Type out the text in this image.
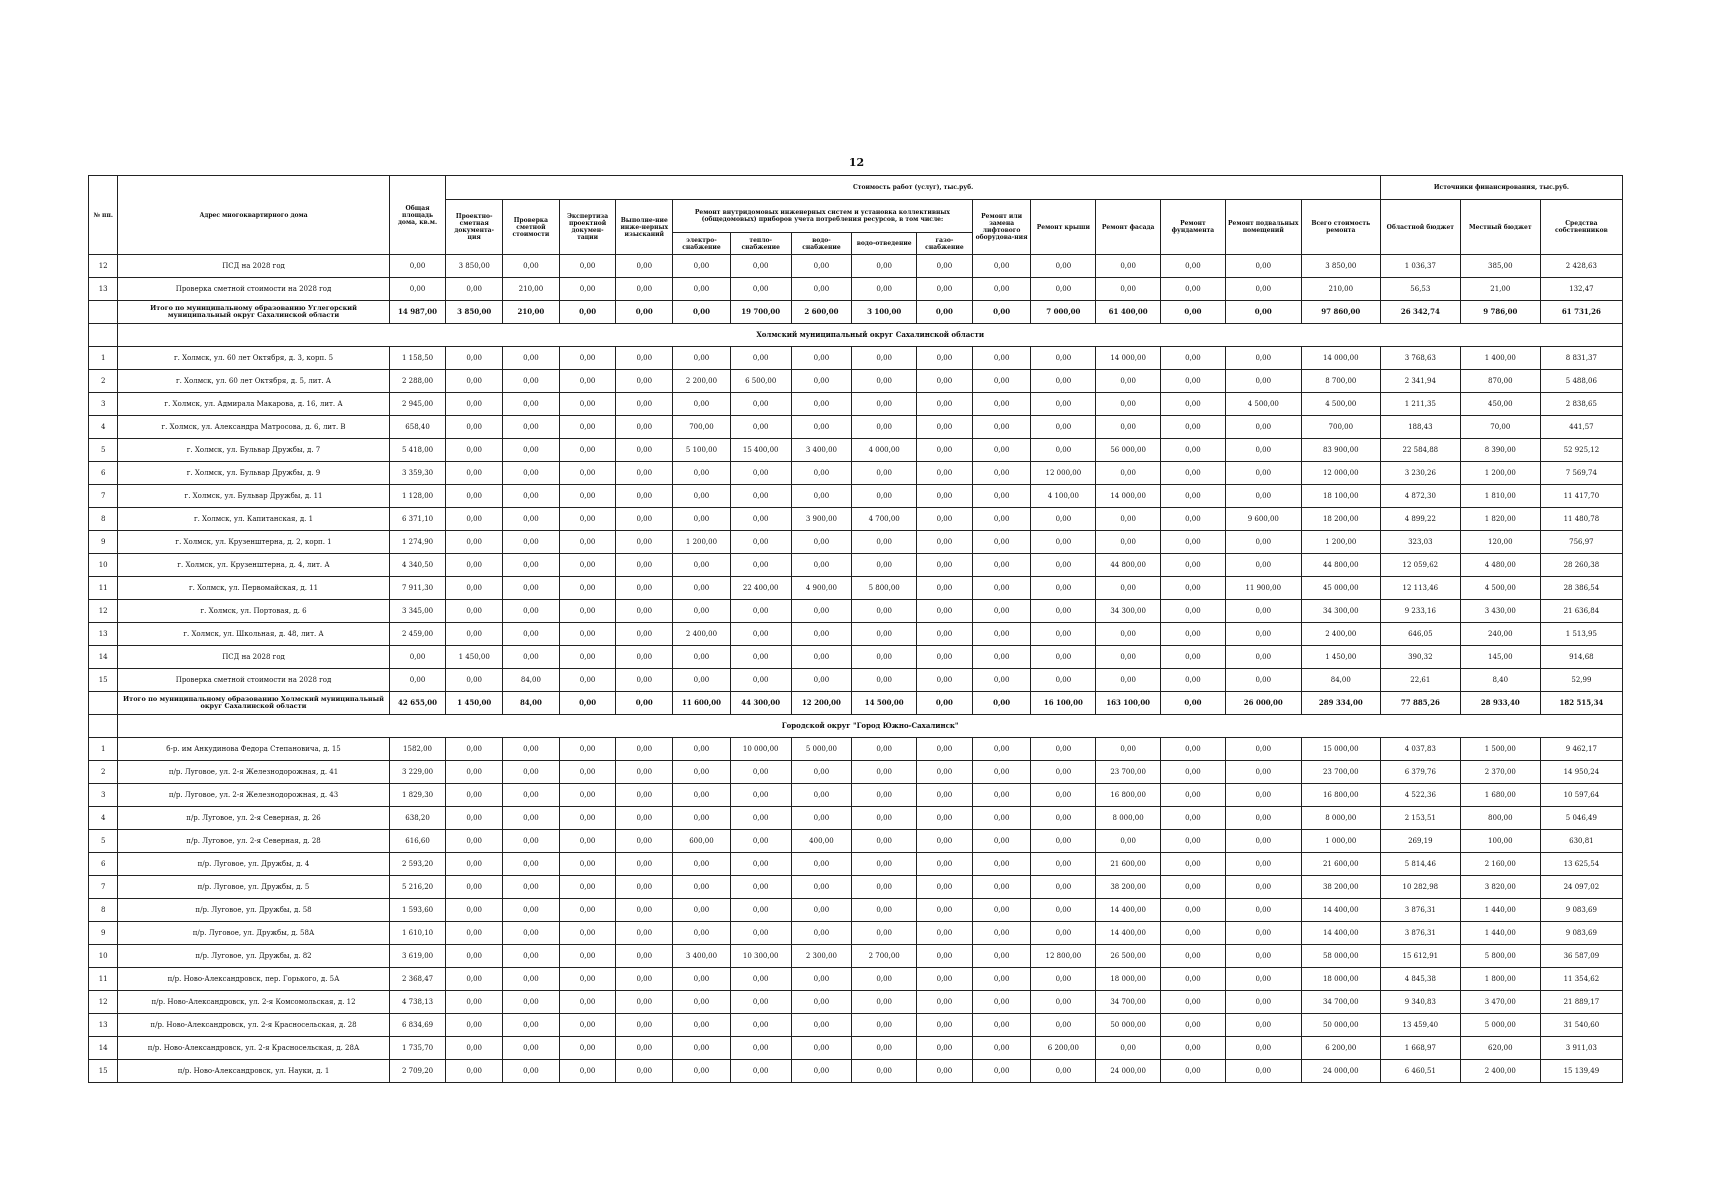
12
№ пп.	Адрес многоквартирного дома	Общая площадь дома, кв.м.	Стоимость работ (услуг), тыс.руб.															Источники финансирования, тыс.руб.		
			Проектно-сметная документа-ция	Проверка сметной стоимости	Экспертиза проектной докумен-тации	Выполне-ние инже-нерных изысканий	Ремонт внутридомовых инженерных систем и установка коллективных (общедомовых) приборов учета потребления ресурсов, в том числе:					Ремонт или замена лифтового оборудова-ния	Ремонт крыши	Ремонт фасада	Ремонт фундамента	Ремонт подвальных помещений	Всего стоимость ремонта	Областной бюджет	Местный бюджет	Средства собственников
							электро-снабжение	тепло-снабжение	водо-снабжение	водо-отведение	газо-снабжение									
12	ПСД на 2028 год	0,00	3 850,00	0,00	0,00	0,00	0,00	0,00	0,00	0,00	0,00	0,00	0,00	0,00	0,00	0,00	3 850,00	1 036,37	385,00	2 428,63
13	Проверка сметной стоимости на 2028 год	0,00	0,00	210,00	0,00	0,00	0,00	0,00	0,00	0,00	0,00	0,00	0,00	0,00	0,00	0,00	210,00	56,53	21,00	132,47
	Итого по муниципальному образованию Углегорский муниципальный округ Сахалинской области	14 987,00	3 850,00	210,00	0,00	0,00	0,00	19 700,00	2 600,00	3 100,00	0,00	0,00	7 000,00	61 400,00	0,00	0,00	97 860,00	26 342,74	9 786,00	61 731,26
	Холмский муниципальный округ Сахалинской области																			
1	г. Холмск, ул. 60 лет Октября, д. 3, корп. 5	1 158,50	0,00	0,00	0,00	0,00	0,00	0,00	0,00	0,00	0,00	0,00	0,00	14 000,00	0,00	0,00	14 000,00	3 768,63	1 400,00	8 831,37
2	г. Холмск, ул. 60 лет Октября, д. 5, лит. А	2 288,00	0,00	0,00	0,00	0,00	2 200,00	6 500,00	0,00	0,00	0,00	0,00	0,00	0,00	0,00	0,00	8 700,00	2 341,94	870,00	5 488,06
3	г. Холмск, ул. Адмирала Макарова, д. 16, лит. А	2 945,00	0,00	0,00	0,00	0,00	0,00	0,00	0,00	0,00	0,00	0,00	0,00	0,00	0,00	4 500,00	4 500,00	1 211,35	450,00	2 838,65
4	г. Холмск, ул. Александра Матросова, д. 6, лит. В	658,40	0,00	0,00	0,00	0,00	700,00	0,00	0,00	0,00	0,00	0,00	0,00	0,00	0,00	0,00	700,00	188,43	70,00	441,57
5	г. Холмск, ул. Бульвар Дружбы, д. 7	5 418,00	0,00	0,00	0,00	0,00	5 100,00	15 400,00	3 400,00	4 000,00	0,00	0,00	0,00	56 000,00	0,00	0,00	83 900,00	22 584,88	8 390,00	52 925,12
6	г. Холмск, ул. Бульвар Дружбы, д. 9	3 359,30	0,00	0,00	0,00	0,00	0,00	0,00	0,00	0,00	0,00	0,00	12 000,00	0,00	0,00	0,00	12 000,00	3 230,26	1 200,00	7 569,74
7	г. Холмск, ул. Бульвар Дружбы, д. 11	1 128,00	0,00	0,00	0,00	0,00	0,00	0,00	0,00	0,00	0,00	0,00	4 100,00	14 000,00	0,00	0,00	18 100,00	4 872,30	1 810,00	11 417,70
8	г. Холмск, ул. Капитанская, д. 1	6 371,10	0,00	0,00	0,00	0,00	0,00	0,00	3 900,00	4 700,00	0,00	0,00	0,00	0,00	0,00	9 600,00	18 200,00	4 899,22	1 820,00	11 480,78
9	г. Холмск, ул. Крузенштерна, д. 2, корп. 1	1 274,90	0,00	0,00	0,00	0,00	1 200,00	0,00	0,00	0,00	0,00	0,00	0,00	0,00	0,00	0,00	1 200,00	323,03	120,00	756,97
10	г. Холмск, ул. Крузенштерна, д. 4, лит. А	4 340,50	0,00	0,00	0,00	0,00	0,00	0,00	0,00	0,00	0,00	0,00	0,00	44 800,00	0,00	0,00	44 800,00	12 059,62	4 480,00	28 260,38
11	г. Холмск, ул. Первомайская, д. 11	7 911,30	0,00	0,00	0,00	0,00	0,00	22 400,00	4 900,00	5 800,00	0,00	0,00	0,00	0,00	0,00	11 900,00	45 000,00	12 113,46	4 500,00	28 386,54
12	г. Холмск, ул. Портовая, д. 6	3 345,00	0,00	0,00	0,00	0,00	0,00	0,00	0,00	0,00	0,00	0,00	0,00	34 300,00	0,00	0,00	34 300,00	9 233,16	3 430,00	21 636,84
13	г. Холмск, ул. Школьная, д. 48, лит. А	2 459,00	0,00	0,00	0,00	0,00	2 400,00	0,00	0,00	0,00	0,00	0,00	0,00	0,00	0,00	0,00	2 400,00	646,05	240,00	1 513,95
14	ПСД на 2028 год	0,00	1 450,00	0,00	0,00	0,00	0,00	0,00	0,00	0,00	0,00	0,00	0,00	0,00	0,00	0,00	1 450,00	390,32	145,00	914,68
15	Проверка сметной стоимости на 2028 год	0,00	0,00	84,00	0,00	0,00	0,00	0,00	0,00	0,00	0,00	0,00	0,00	0,00	0,00	0,00	84,00	22,61	8,40	52,99
	Итого по муниципальному образованию Холмский муниципальный округ Сахалинской области	42 655,00	1 450,00	84,00	0,00	0,00	11 600,00	44 300,00	12 200,00	14 500,00	0,00	0,00	16 100,00	163 100,00	0,00	26 000,00	289 334,00	77 885,26	28 933,40	182 515,34
	Городской округ "Город Южно-Сахалинск"																			
1	б-р. им Анкудинова Федора Степановича, д. 15	1582,00	0,00	0,00	0,00	0,00	0,00	10 000,00	5 000,00	0,00	0,00	0,00	0,00	0,00	0,00	0,00	15 000,00	4 037,83	1 500,00	9 462,17
2	п/р. Луговое, ул. 2-я Железнодорожная, д. 41	3 229,00	0,00	0,00	0,00	0,00	0,00	0,00	0,00	0,00	0,00	0,00	0,00	23 700,00	0,00	0,00	23 700,00	6 379,76	2 370,00	14 950,24
3	п/р. Луговое, ул. 2-я Железнодорожная, д. 43	1 829,30	0,00	0,00	0,00	0,00	0,00	0,00	0,00	0,00	0,00	0,00	0,00	16 800,00	0,00	0,00	16 800,00	4 522,36	1 680,00	10 597,64
4	п/р. Луговое, ул. 2-я Северная, д. 26	638,20	0,00	0,00	0,00	0,00	0,00	0,00	0,00	0,00	0,00	0,00	0,00	8 000,00	0,00	0,00	8 000,00	2 153,51	800,00	5 046,49
5	п/р. Луговое, ул. 2-я Северная, д. 28	616,60	0,00	0,00	0,00	0,00	600,00	0,00	400,00	0,00	0,00	0,00	0,00	0,00	0,00	0,00	1 000,00	269,19	100,00	630,81
6	п/р. Луговое, ул. Дружбы, д. 4	2 593,20	0,00	0,00	0,00	0,00	0,00	0,00	0,00	0,00	0,00	0,00	0,00	21 600,00	0,00	0,00	21 600,00	5 814,46	2 160,00	13 625,54
7	п/р. Луговое, ул. Дружбы, д. 5	5 216,20	0,00	0,00	0,00	0,00	0,00	0,00	0,00	0,00	0,00	0,00	0,00	38 200,00	0,00	0,00	38 200,00	10 282,98	3 820,00	24 097,02
8	п/р. Луговое, ул. Дружбы, д. 58	1 593,60	0,00	0,00	0,00	0,00	0,00	0,00	0,00	0,00	0,00	0,00	0,00	14 400,00	0,00	0,00	14 400,00	3 876,31	1 440,00	9 083,69
9	п/р. Луговое, ул. Дружбы, д. 58А	1 610,10	0,00	0,00	0,00	0,00	0,00	0,00	0,00	0,00	0,00	0,00	0,00	14 400,00	0,00	0,00	14 400,00	3 876,31	1 440,00	9 083,69
10	п/р. Луговое, ул. Дружбы, д. 82	3 619,00	0,00	0,00	0,00	0,00	3 400,00	10 300,00	2 300,00	2 700,00	0,00	0,00	12 800,00	26 500,00	0,00	0,00	58 000,00	15 612,91	5 800,00	36 587,09
11	п/р. Ново-Александровск, пер. Горького, д. 5А	2 368,47	0,00	0,00	0,00	0,00	0,00	0,00	0,00	0,00	0,00	0,00	0,00	18 000,00	0,00	0,00	18 000,00	4 845,38	1 800,00	11 354,62
12	п/р. Ново-Александровск, ул. 2-я Комсомольская, д. 12	4 738,13	0,00	0,00	0,00	0,00	0,00	0,00	0,00	0,00	0,00	0,00	0,00	34 700,00	0,00	0,00	34 700,00	9 340,83	3 470,00	21 889,17
13	п/р. Ново-Александровск, ул. 2-я Красносельская, д. 28	6 834,69	0,00	0,00	0,00	0,00	0,00	0,00	0,00	0,00	0,00	0,00	0,00	50 000,00	0,00	0,00	50 000,00	13 459,40	5 000,00	31 540,60
14	п/р. Ново-Александровск, ул. 2-я Красносельская, д. 28А	1 735,70	0,00	0,00	0,00	0,00	0,00	0,00	0,00	0,00	0,00	0,00	6 200,00	0,00	0,00	0,00	6 200,00	1 668,97	620,00	3 911,03
15	п/р. Ново-Александровск, ул. Науки, д. 1	2 709,20	0,00	0,00	0,00	0,00	0,00	0,00	0,00	0,00	0,00	0,00	0,00	24 000,00	0,00	0,00	24 000,00	6 460,51	2 400,00	15 139,49
